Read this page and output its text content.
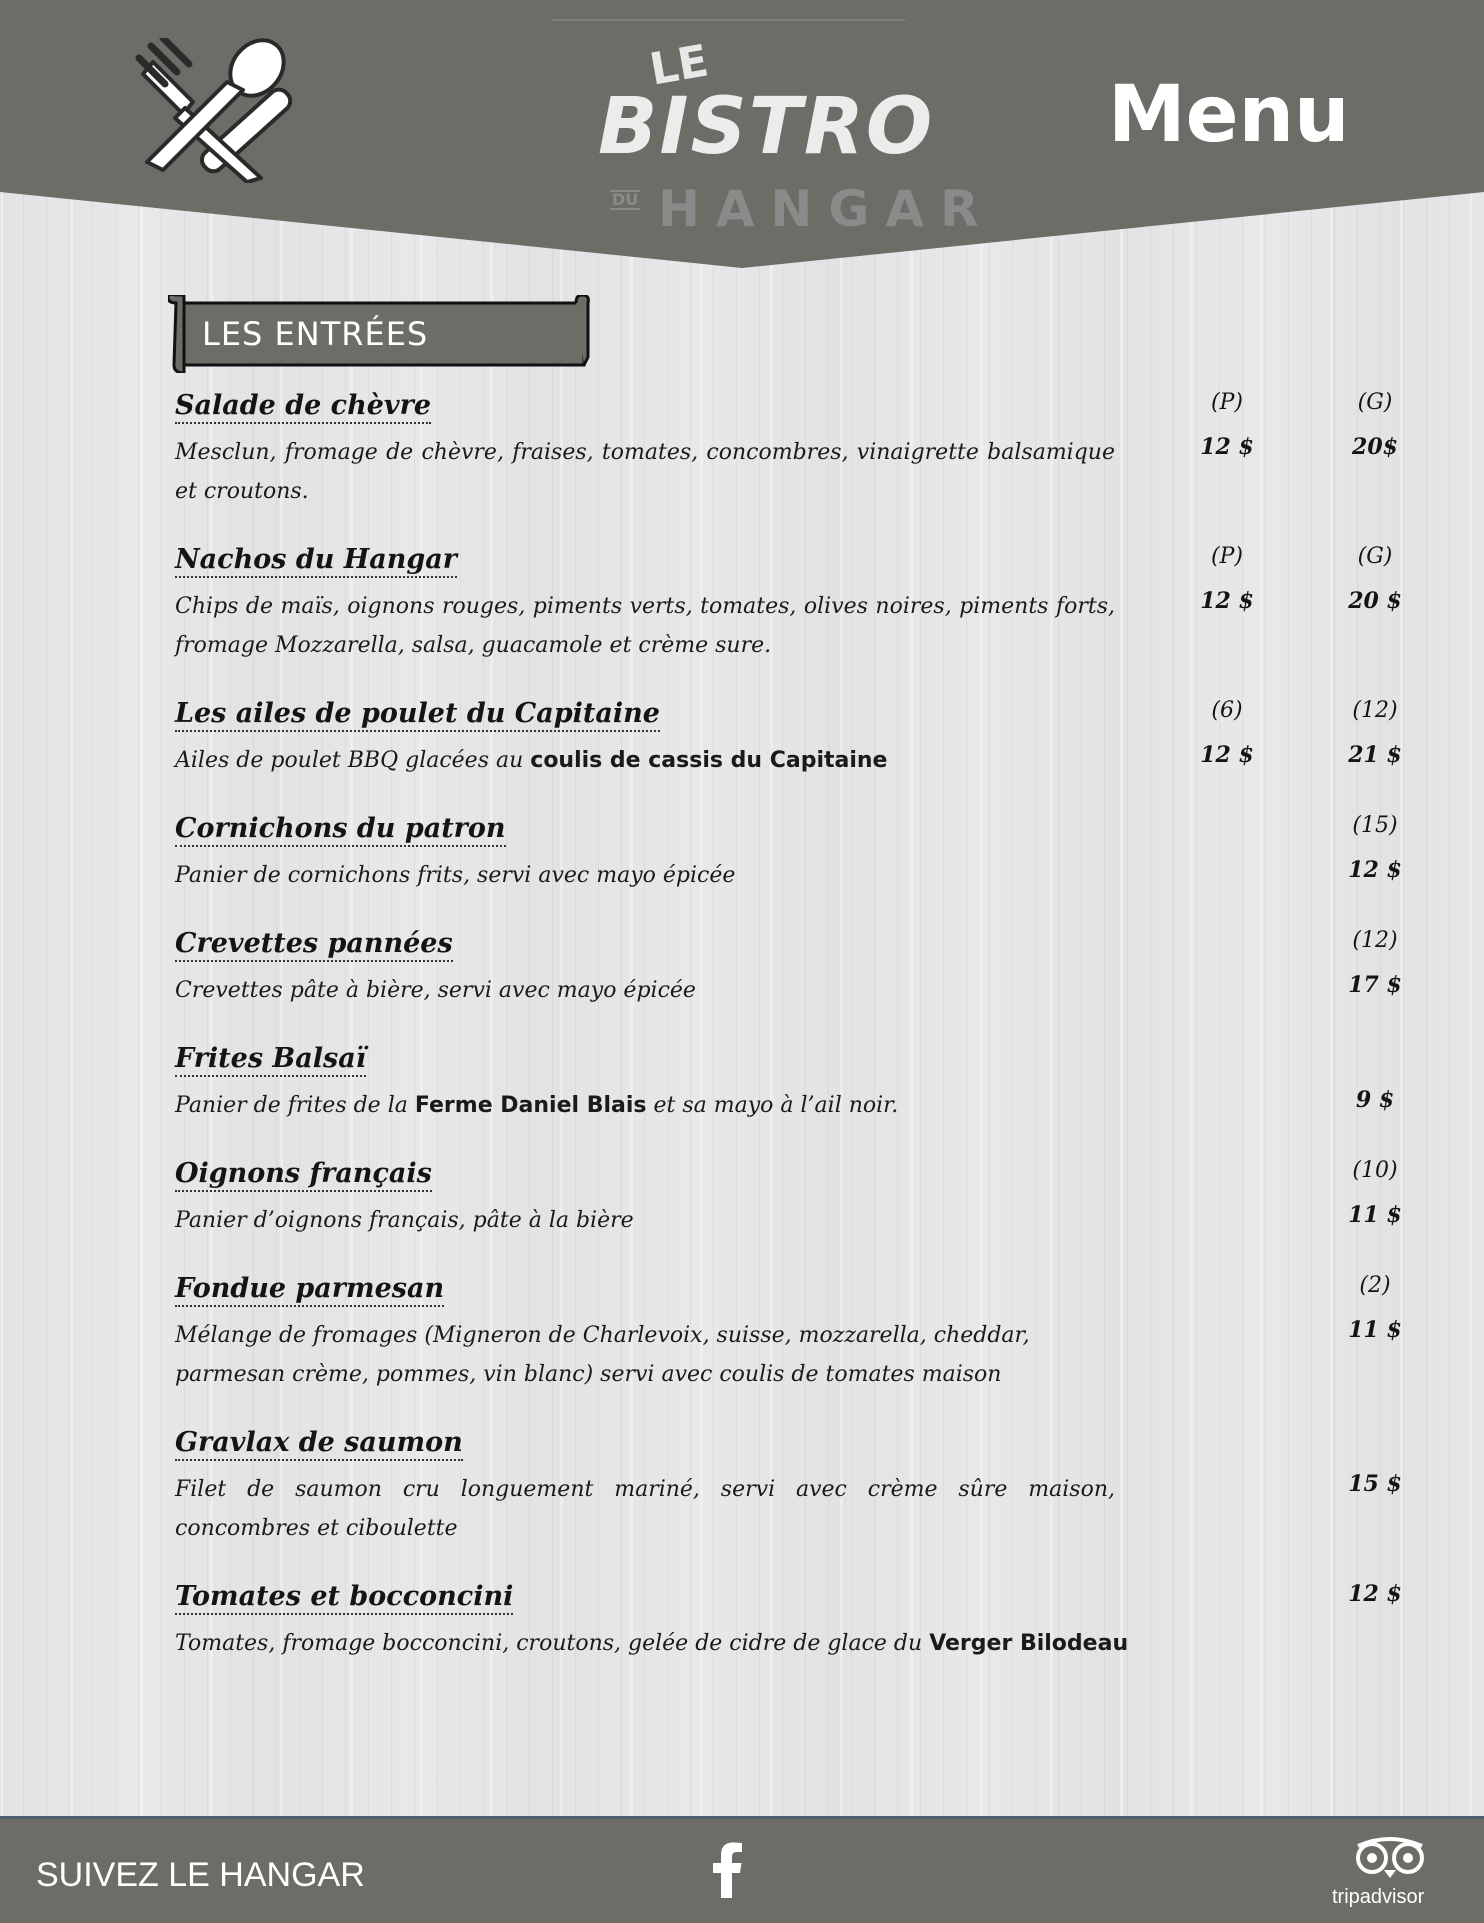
LE
BISTRO
DU HANGAR
Menu
LES ENTRÉES
Salade de chèvre
Mesclun, fromage de chèvre, fraises, tomates, concombres, vinaigrette balsamique et croutons.
(P)
12 $
(G)
20$
Nachos du Hangar
Chips de maïs, oignons rouges, piments verts, tomates, olives noires, piments forts, fromage Mozzarella, salsa, guacamole et crème sure.
(P)
12 $
(G)
20 $
Les ailes de poulet du Capitaine
Ailes de poulet BBQ glacées au coulis de cassis du Capitaine
(6)
12 $
(12)
21 $
Cornichons du patron
Panier de cornichons frits, servi avec mayo épicée
(15)
12 $
Crevettes pannées
Crevettes pâte à bière, servi avec mayo épicée
(12)
17 $
Frites Balsaï
Panier de frites de la Ferme Daniel Blais et sa mayo à l’ail noir.	9 $
Oignons français
Panier d’oignons français, pâte à la bière
(10)
11 $
Fondue parmesan
Mélange de fromages (Migneron de Charlevoix, suisse, mozzarella, cheddar, parmesan crème, pommes, vin blanc) servi avec coulis de tomates maison
(2)
11 $
Gravlax de saumon
Filet de saumon cru longuement mariné, servi avec crème sûre maison, concombres et ciboulette
15 $
Tomates et bocconcini
Tomates, fromage bocconcini, croutons, gelée de cidre de glace du Verger Bilodeau
12 $
SUIVEZ LE HANGAR
tripadvisor
